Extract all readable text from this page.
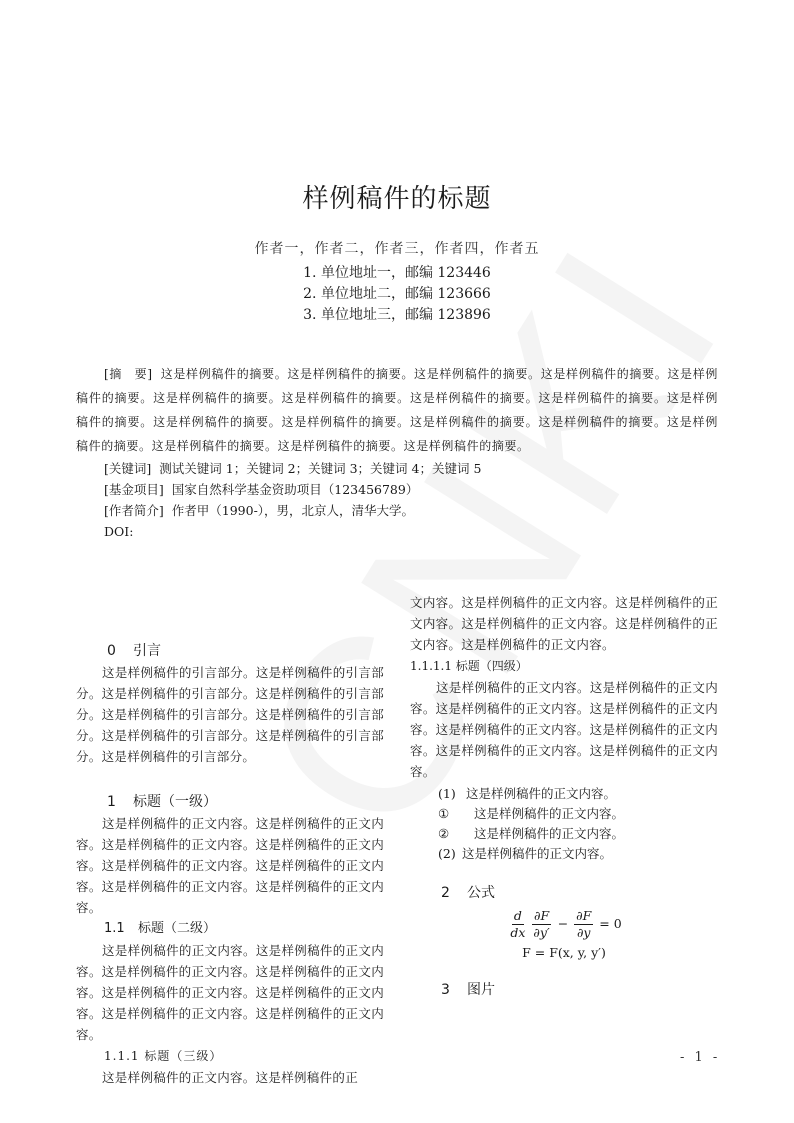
样例稿件的标题
作者一，作者二，作者三，作者四，作者五
1. 单位地址一，邮编 123446
2. 单位地址二，邮编 123666
3. 单位地址三，邮编 123896

[摘　要] 这是样例稿件的摘要。这是样例稿件的摘要。这是样例稿件的摘要。这是样例稿件的摘要。这是样例稿件的摘要。这是样例稿件的摘要。这是样例稿件的摘要。这是样例稿件的摘要。这是样例稿件的摘要。这是样例稿件的摘要。这是样例稿件的摘要。这是样例稿件的摘要。这是样例稿件的摘要。这是样例稿件的摘要。这是样例稿件的摘要。这是样例稿件的摘要。这是样例稿件的摘要。这是样例稿件的摘要。

[关键词] 测试关键词 1；关键词 2；关键词 3；关键词 4；关键词 5

[基金项目] 国家自然科学基金资助项目（123456789）

[作者简介] 作者甲（1990-），男，北京人，清华大学。

DOI:

0 引言

这是样例稿件的引言部分。这是样例稿件的引言部分。这是样例稿件的引言部分。这是样例稿件的引言部分。这是样例稿件的引言部分。这是样例稿件的引言部分。这是样例稿件的引言部分。这是样例稿件的引言部分。这是样例稿件的引言部分。

1 标题（一级）

这是样例稿件的正文内容。这是样例稿件的正文内容。这是样例稿件的正文内容。这是样例稿件的正文内容。这是样例稿件的正文内容。这是样例稿件的正文内容。这是样例稿件的正文内容。这是样例稿件的正文内容。

1.1 标题（二级）

这是样例稿件的正文内容。这是样例稿件的正文内容。这是样例稿件的正文内容。这是样例稿件的正文内容。这是样例稿件的正文内容。这是样例稿件的正文内容。这是样例稿件的正文内容。这是样例稿件的正文内容。

1.1.1 标题（三级）

这是样例稿件的正文内容。这是样例稿件的正

文内容。这是样例稿件的正文内容。这是样例稿件的正文内容。这是样例稿件的正文内容。这是样例稿件的正文内容。这是样例稿件的正文内容。

1.1.1.1 标题（四级）

这是样例稿件的正文内容。这是样例稿件的正文内容。这是样例稿件的正文内容。这是样例稿件的正文内容。这是样例稿件的正文内容。这是样例稿件的正文内容。这是样例稿件的正文内容。这是样例稿件的正文内容。

(1) 这是样例稿件的正文内容。

① 这是样例稿件的正文内容。

② 这是样例稿件的正文内容。

(2) 这是样例稿件的正文内容。

2 公式
$\frac{d}{dx} \frac{\partial F}{\partial y'} - \frac{\partial F}{\partial y} = 0$
F = F(x, y, y′)
3 图片
- 1 -
